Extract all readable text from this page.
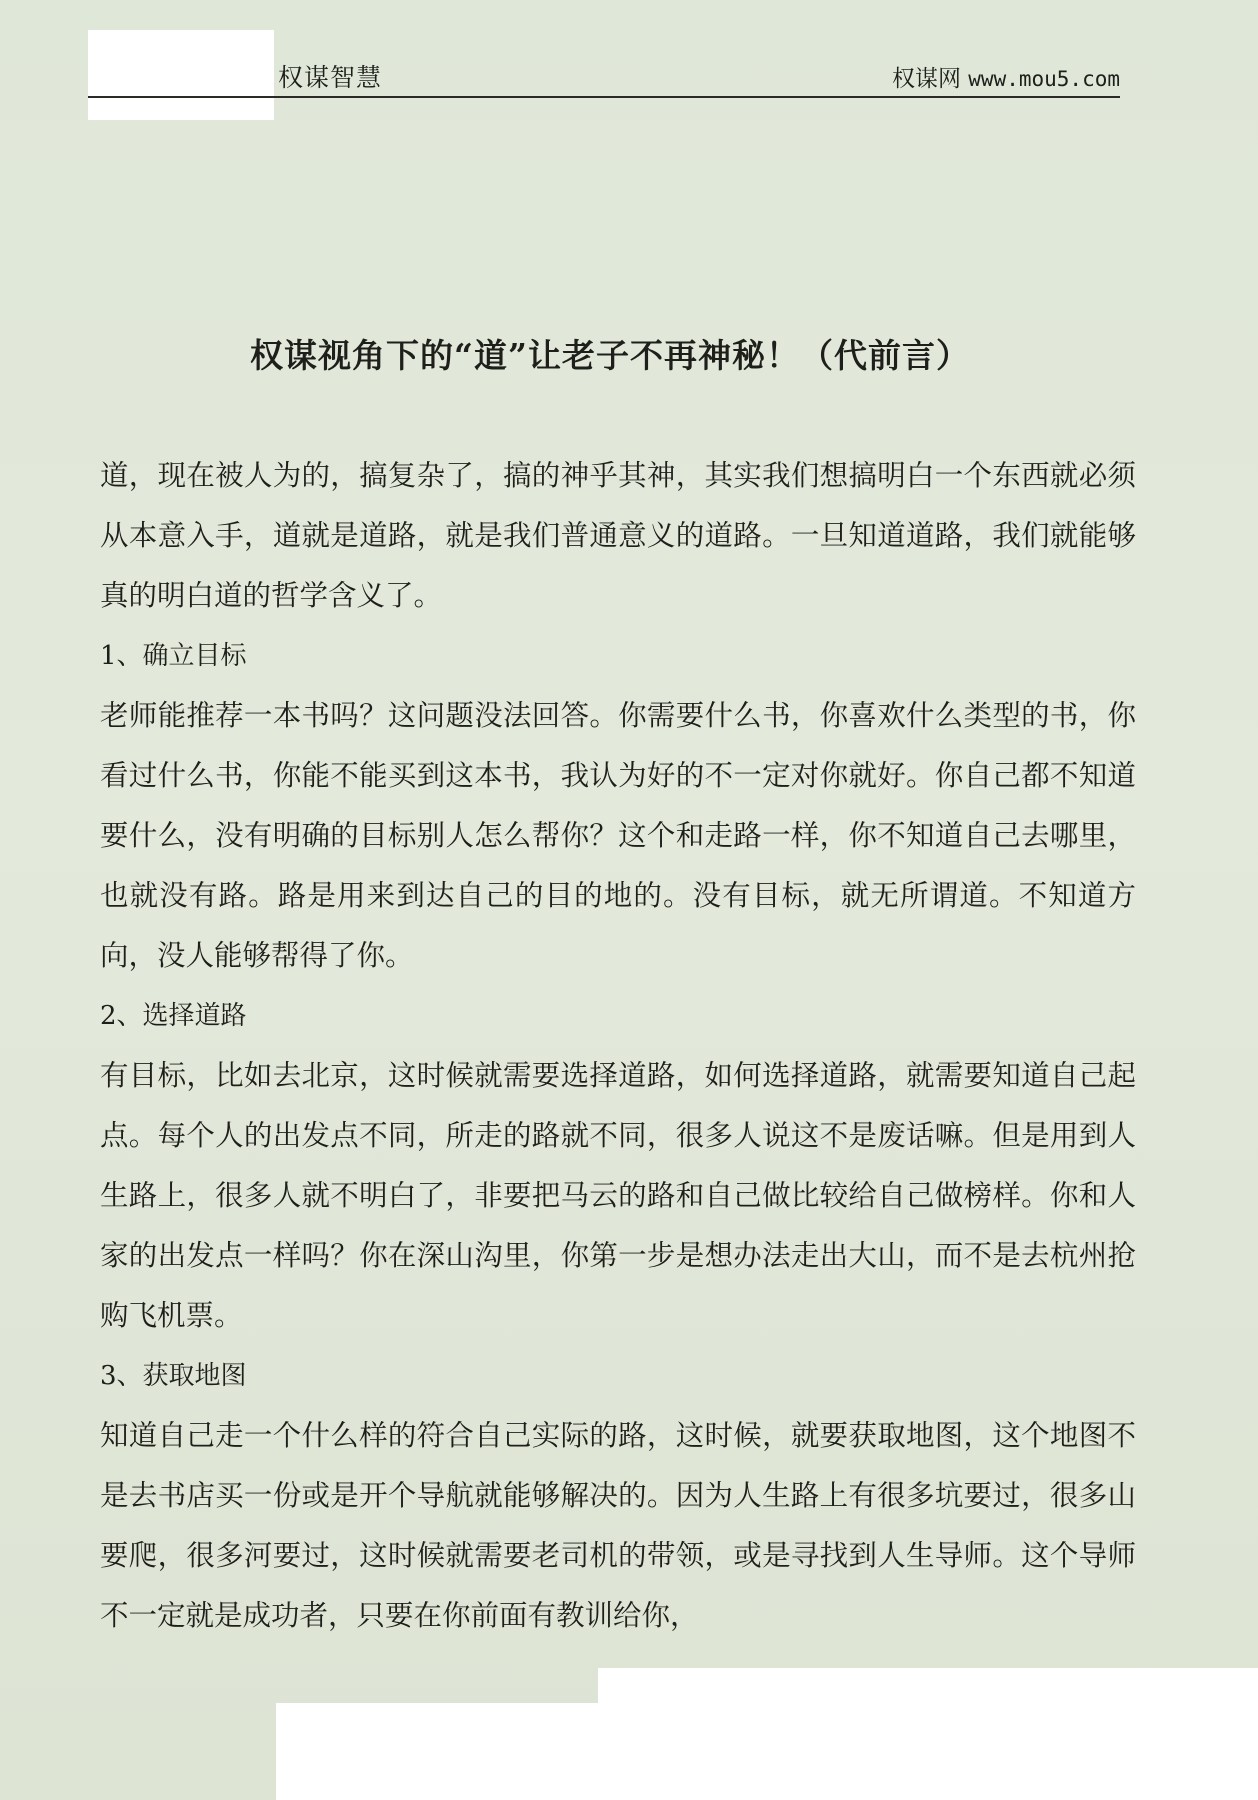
权谋智慧	权谋网 www.mou5.com
权谋视角下的“道”让老子不再神秘！（代前言）

道，现在被人为的，搞复杂了，搞的神乎其神，其实我们想搞明白一个东西就必须从本意入手，道就是道路，就是我们普通意义的道路。一旦知道道路，我们就能够真的明白道的哲学含义了。

1、确立目标

老师能推荐一本书吗？这问题没法回答。你需要什么书，你喜欢什么类型的书，你看过什么书，你能不能买到这本书，我认为好的不一定对你就好。你自己都不知道要什么，没有明确的目标别人怎么帮你？这个和走路一样，你不知道自己去哪里，也就没有路。路是用来到达自己的目的地的。没有目标，就无所谓道。不知道方向，没人能够帮得了你。

2、选择道路

有目标，比如去北京，这时候就需要选择道路，如何选择道路，就需要知道自己起点。每个人的出发点不同，所走的路就不同，很多人说这不是废话嘛。但是用到人生路上，很多人就不明白了，非要把马云的路和自己做比较给自己做榜样。你和人家的出发点一样吗？你在深山沟里，你第一步是想办法走出大山，而不是去杭州抢购飞机票。

3、获取地图

知道自己走一个什么样的符合自己实际的路，这时候，就要获取地图，这个地图不是去书店买一份或是开个导航就能够解决的。因为人生路上有很多坑要过，很多山要爬，很多河要过，这时候就需要老司机的带领，或是寻找到人生导师。这个导师不一定就是成功者，只要在你前面有教训给你，
